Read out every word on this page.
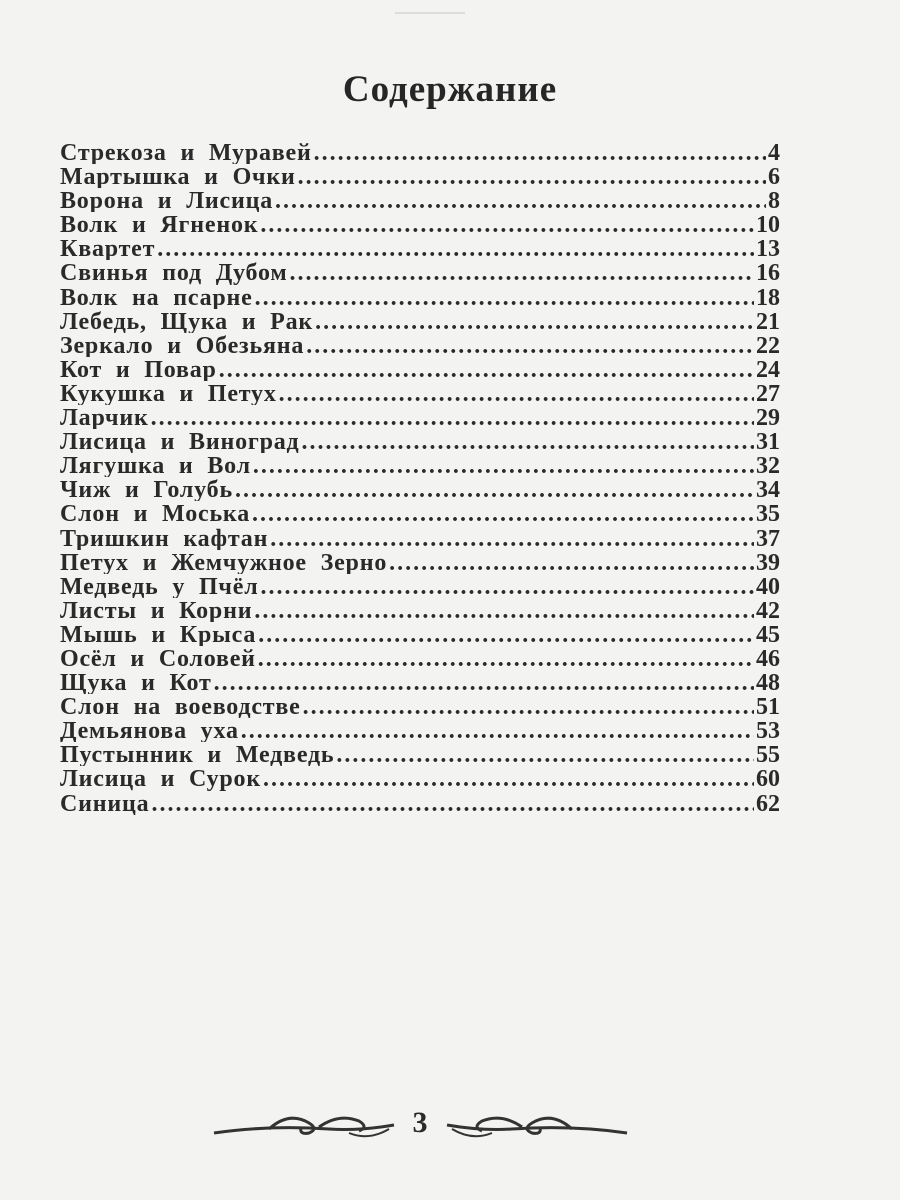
Содержание
Стрекоза и Муравей .....	4
Мартышка и Очки .....	6
Ворона и Лисица .....	8
Волк и Ягненок .....	10
Квартет .....	13
Свинья под Дубом .....	16
Волк на псарне .....	18
Лебедь, Щука и Рак .....	21
Зеркало и Обезьяна .....	22
Кот и Повар .....	24
Кукушка и Петух .....	27
Ларчик .....	29
Лисица и Виноград .....	31
Лягушка и Вол .....	32
Чиж и Голубь .....	34
Слон и Моська .....	35
Тришкин кафтан .....	37
Петух и Жемчужное Зерно .....	39
Медведь у Пчёл .....	40
Листы и Корни .....	42
Мышь и Крыса .....	45
Осёл и Соловей .....	46
Щука и Кот .....	48
Слон на воеводстве .....	51
Демьянова уха .....	53
Пустынник и Медведь .....	55
Лисица и Сурок .....	60
Синица .....	62
3
